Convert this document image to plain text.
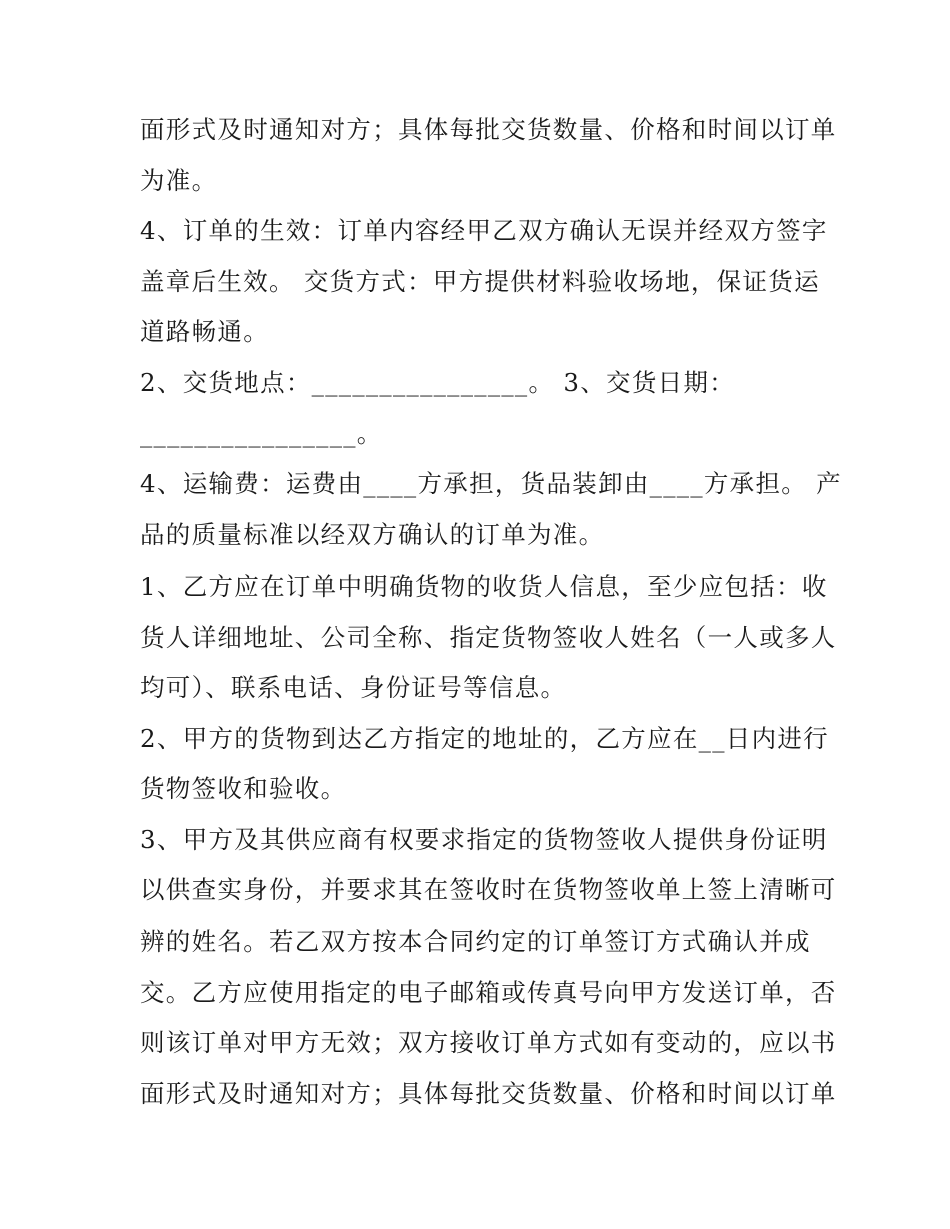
面形式及时通知对方；具体每批交货数量、价格和时间以订单
为准。
4、订单的生效：订单内容经甲乙双方确认无误并经双方签字
盖章后生效。 交货方式：甲方提供材料验收场地，保证货运
道路畅通。
2、交货地点：________________。 3、交货日期：
________________。
4、运输费：运费由____方承担，货品装卸由____方承担。 产
品的质量标准以经双方确认的订单为准。
1、乙方应在订单中明确货物的收货人信息，至少应包括：收
货人详细地址、公司全称、指定货物签收人姓名（一人或多人
均可）、联系电话、身份证号等信息。
2、甲方的货物到达乙方指定的地址的，乙方应在__日内进行
货物签收和验收。
3、甲方及其供应商有权要求指定的货物签收人提供身份证明
以供查实身份，并要求其在签收时在货物签收单上签上清晰可
辨的姓名。若乙双方按本合同约定的订单签订方式确认并成
交。乙方应使用指定的电子邮箱或传真号向甲方发送订单，否
则该订单对甲方无效；双方接收订单方式如有变动的，应以书
面形式及时通知对方；具体每批交货数量、价格和时间以订单
